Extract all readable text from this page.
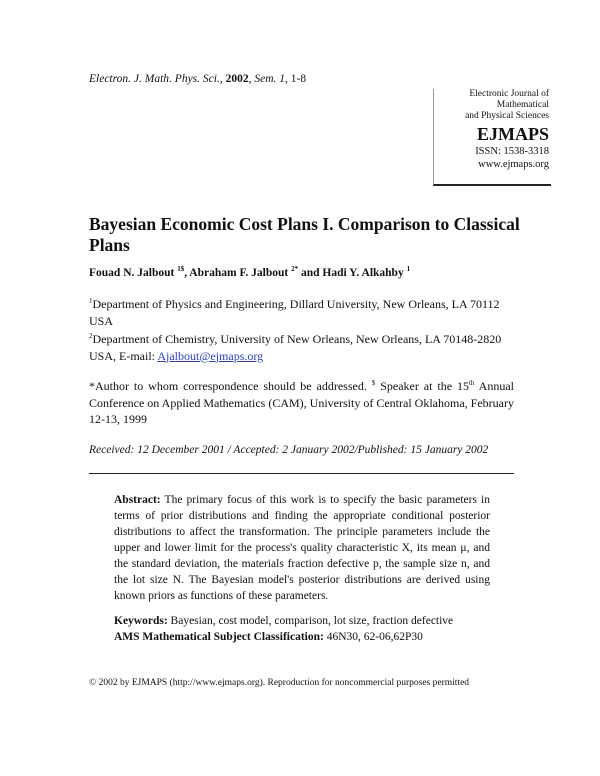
Electron. J. Math. Phys. Sci., 2002, Sem. 1, 1-8
Electronic Journal of
Mathematical
and Physical Sciences
EJMAPS
ISSN: 1538-3318
www.ejmaps.org
Bayesian Economic Cost Plans I. Comparison to Classical Plans
Fouad N. Jalbout $^{1\$}$, Abraham F. Jalbout $^{2*}$ and Hadi Y. Alkahby $^1$
$^1$Department of Physics and Engineering, Dillard University, New Orleans, LA 70112 USA
$^2$Department of Chemistry, University of New Orleans, New Orleans, LA 70148-2820 USA, E-mail: Ajalbout@ejmaps.org
*Author to whom correspondence should be addressed. $ Speaker at the 15th Annual Conference on Applied Mathematics (CAM), University of Central Oklahoma, February 12-13, 1999
Received: 12 December 2001 / Accepted: 2 January 2002/Published: 15 January 2002
Abstract: The primary focus of this work is to specify the basic parameters in terms of prior distributions and finding the appropriate conditional posterior distributions to affect the transformation. The principle parameters include the upper and lower limit for the process's quality characteristic X, its mean μ, and the standard deviation, the materials fraction defective p, the sample size n, and the lot size N. The Bayesian model's posterior distributions are derived using known priors as functions of these parameters.
Keywords: Bayesian, cost model, comparison, lot size, fraction defective
AMS Mathematical Subject Classification: 46N30, 62-06,62P30
© 2002 by EJMAPS (http://www.ejmaps.org). Reproduction for noncommercial purposes permitted
